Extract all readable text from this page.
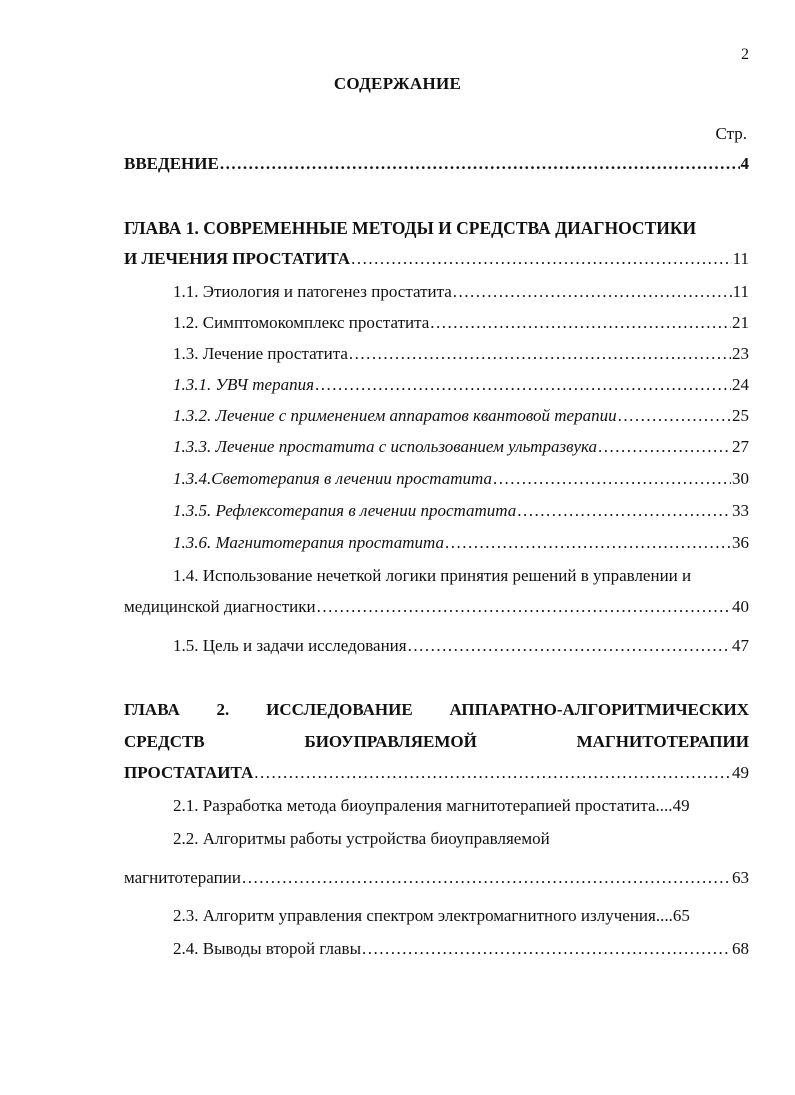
2
СОДЕРЖАНИЕ
Стр.
ВВЕДЕНИЕ .....	4
ГЛАВА 1. СОВРЕМЕННЫЕ МЕТОДЫ И СРЕДСТВА ДИАГНОСТИКИ
И ЛЕЧЕНИЯ ПРОСТАТИТА .....	11
1.1. Этиология и патогенез простатита .....	11
1.2. Симптомокомплекс простатита .....	21
1.3. Лечение простатита .....	23
1.3.1. УВЧ терапия .....	24
1.3.2. Лечение с применением аппаратов квантовой терапии .....	25
1.3.3. Лечение простатита с использованием ультразвука .....	27
1.3.4.Светотерапия в лечении простатита .....	30
1.3.5. Рефлексотерапия в лечении простатита .....	33
1.3.6. Магнитотерапия простатита .....	36
1.4. Использование нечеткой логики принятия решений в управлении и
медицинской диагностики .....	40
1.5. Цель и задачи исследования .....	47
ГЛАВА 2. ИССЛЕДОВАНИЕ АППАРАТНО-АЛГОРИТМИЧЕСКИХ
СРЕДСТВ	БИОУПРАВЛЯЕМОЙ	МАГНИТОТЕРАПИИ
ПРОСТАТАИТА .....	49
2.1. Разработка метода биоупраления магнитотерапией простатита.... 49
2.2. Алгоритмы работы устройства биоуправляемой
магнитотерапии .....	63
2.3. Алгоритм управления спектром электромагнитного излучения.... 65
2.4. Выводы второй главы .....	68
